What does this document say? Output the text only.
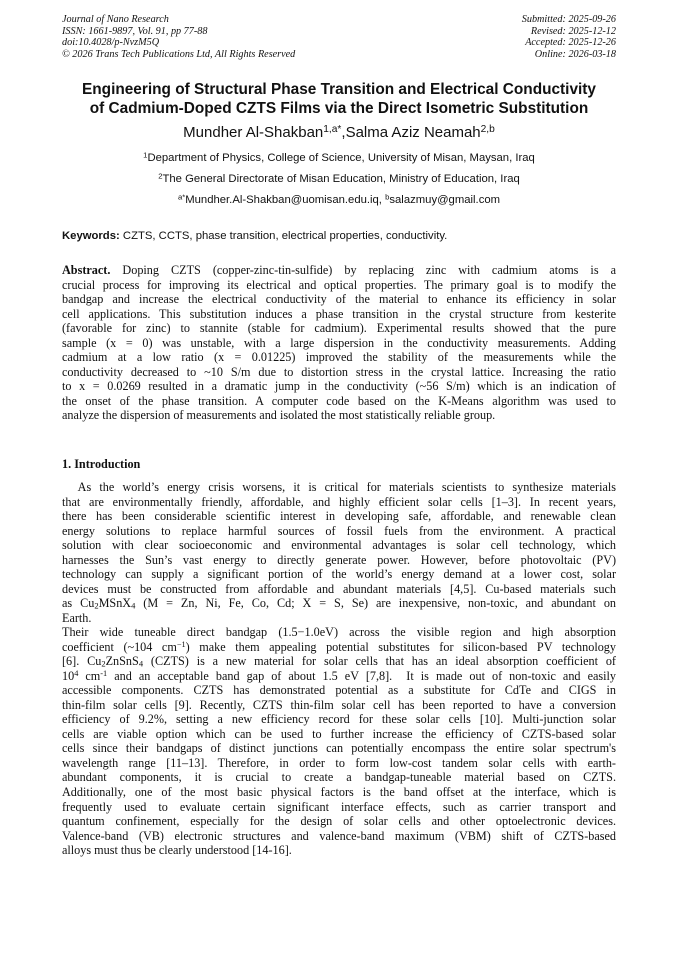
Journal of Nano Research
ISSN: 1661-9897, Vol. 91, pp 77-88
doi:10.4028/p-NvzM5Q
© 2026 Trans Tech Publications Ltd, All Rights Reserved
Submitted: 2025-09-26
Revised: 2025-12-12
Accepted: 2025-12-26
Online: 2026-03-18
Engineering of Structural Phase Transition and Electrical Conductivity
of Cadmium-Doped CZTS Films via the Direct Isometric Substitution
Mundher Al-Shakban$^{1,a*}$,Salma Aziz Neamah$^{2,b}$
$^1$Department of Physics, College of Science, University of Misan, Maysan, Iraq
$^2$The General Directorate of Misan Education, Ministry of Education, Iraq
$^{a*}$Mundher.Al-Shakban@uomisan.edu.iq, $^b$salazmuy@gmail.com
Keywords: CZTS, CCTS, phase transition, electrical properties, conductivity.
Abstract. Doping CZTS (copper-zinc-tin-sulfide) by replacing zinc with cadmium atoms is a
crucial process for improving its electrical and optical properties. The primary goal is to modify the
bandgap and increase the electrical conductivity of the material to enhance its efficiency in solar
cell applications. This substitution induces a phase transition in the crystal structure from kesterite
(favorable for zinc) to stannite (stable for cadmium). Experimental results showed that the pure
sample (x = 0) was unstable, with a large dispersion in the conductivity measurements. Adding
cadmium at a low ratio (x = 0.01225) improved the stability of the measurements while the
conductivity decreased to ~10 S/m due to distortion stress in the crystal lattice. Increasing the ratio
to x = 0.0269 resulted in a dramatic jump in the conductivity (~56 S/m) which is an indication of
the onset of the phase transition. A computer code based on the K-Means algorithm was used to
analyze the dispersion of measurements and isolated the most statistically reliable group.
1. Introduction
As the world’s energy crisis worsens, it is critical for materials scientists to synthesize materials
that are environmentally friendly, affordable, and highly efficient solar cells [1–3]. In recent years,
there has been considerable scientific interest in developing safe, affordable, and renewable clean
energy solutions to replace harmful sources of fossil fuels from the environment. A practical
solution with clear socioeconomic and environmental advantages is solar cell technology, which
harnesses the Sun’s vast energy to directly generate power. However, before photovoltaic (PV)
technology can supply a significant portion of the world’s energy demand at a lower cost, solar
devices must be constructed from affordable and abundant materials [4,5]. Cu-based materials such
as $Cu_2MSnX_4$ (M = Zn, Ni, Fe, Co, Cd; X = S, Se) are inexpensive, non-toxic, and abundant on
Earth.
Their wide tuneable direct bandgap (1.5−1.0eV) across the visible region and high absorption
coefficient (~104 $cm^{-1}$) make them appealing potential substitutes for silicon-based PV technology
[6]. $Cu_2ZnSnS_4$ (CZTS) is a new material for solar cells that has an ideal absorption coefficient of
$10^4$ $cm^{-1}$ and an acceptable band gap of about 1.5 eV [7,8].  It is made out of non-toxic and easily
accessible components. CZTS has demonstrated potential as a substitute for CdTe and CIGS in
thin-film solar cells [9]. Recently, CZTS thin-film solar cell has been reported to have a conversion
efficiency of 9.2%, setting a new efficiency record for these solar cells [10]. Multi-junction solar
cells are viable option which can be used to further increase the efficiency of CZTS-based solar
cells since their bandgaps of distinct junctions can potentially encompass the entire solar spectrum's
wavelength range [11–13]. Therefore, in order to form low-cost tandem solar cells with earth-
abundant components, it is crucial to create a bandgap-tuneable material based on CZTS.
Additionally, one of the most basic physical factors is the band offset at the interface, which is
frequently used to evaluate certain significant interface effects, such as carrier transport and
quantum confinement, especially for the design of solar cells and other optoelectronic devices.
Valence-band (VB) electronic structures and valence-band maximum (VBM) shift of CZTS-based
alloys must thus be clearly understood [14-16].
